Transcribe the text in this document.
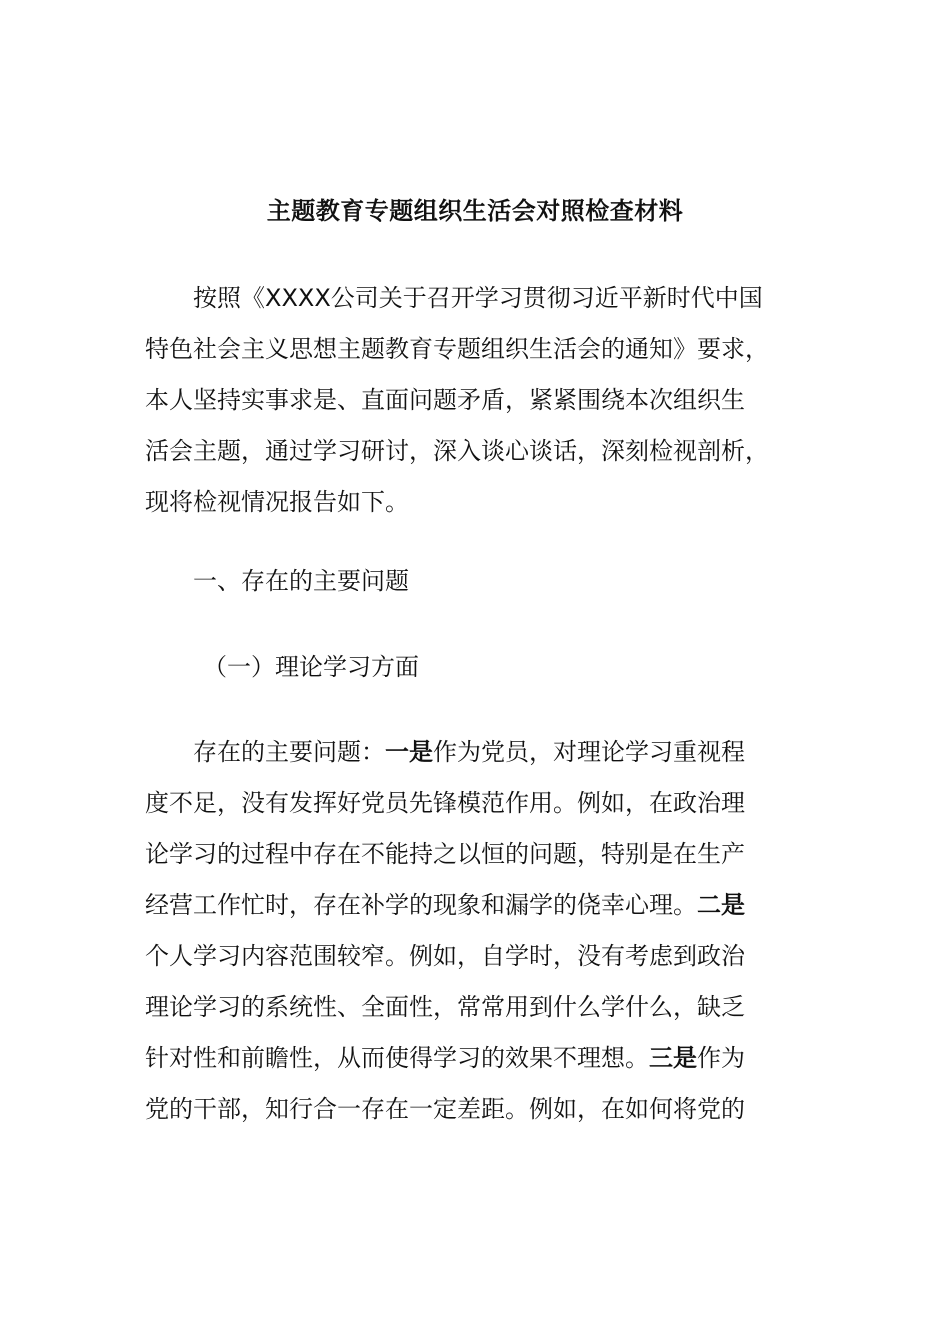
主题教育专题组织生活会对照检查材料
按照《XXXX公司关于召开学习贯彻习近平新时代中国
特色社会主义思想主题教育专题组织生活会的通知》要求，
本人坚持实事求是、直面问题矛盾，紧紧围绕本次组织生
活会主题，通过学习研讨，深入谈心谈话，深刻检视剖析，
现将检视情况报告如下。
一、存在的主要问题
（一）理论学习方面
存在的主要问题：一是作为党员，对理论学习重视程
度不足，没有发挥好党员先锋模范作用。例如，在政治理
论学习的过程中存在不能持之以恒的问题，特别是在生产
经营工作忙时，存在补学的现象和漏学的侥幸心理。二是
个人学习内容范围较窄。例如，自学时，没有考虑到政治
理论学习的系统性、全面性，常常用到什么学什么，缺乏
针对性和前瞻性，从而使得学习的效果不理想。三是作为
党的干部，知行合一存在一定差距。例如，在如何将党的
